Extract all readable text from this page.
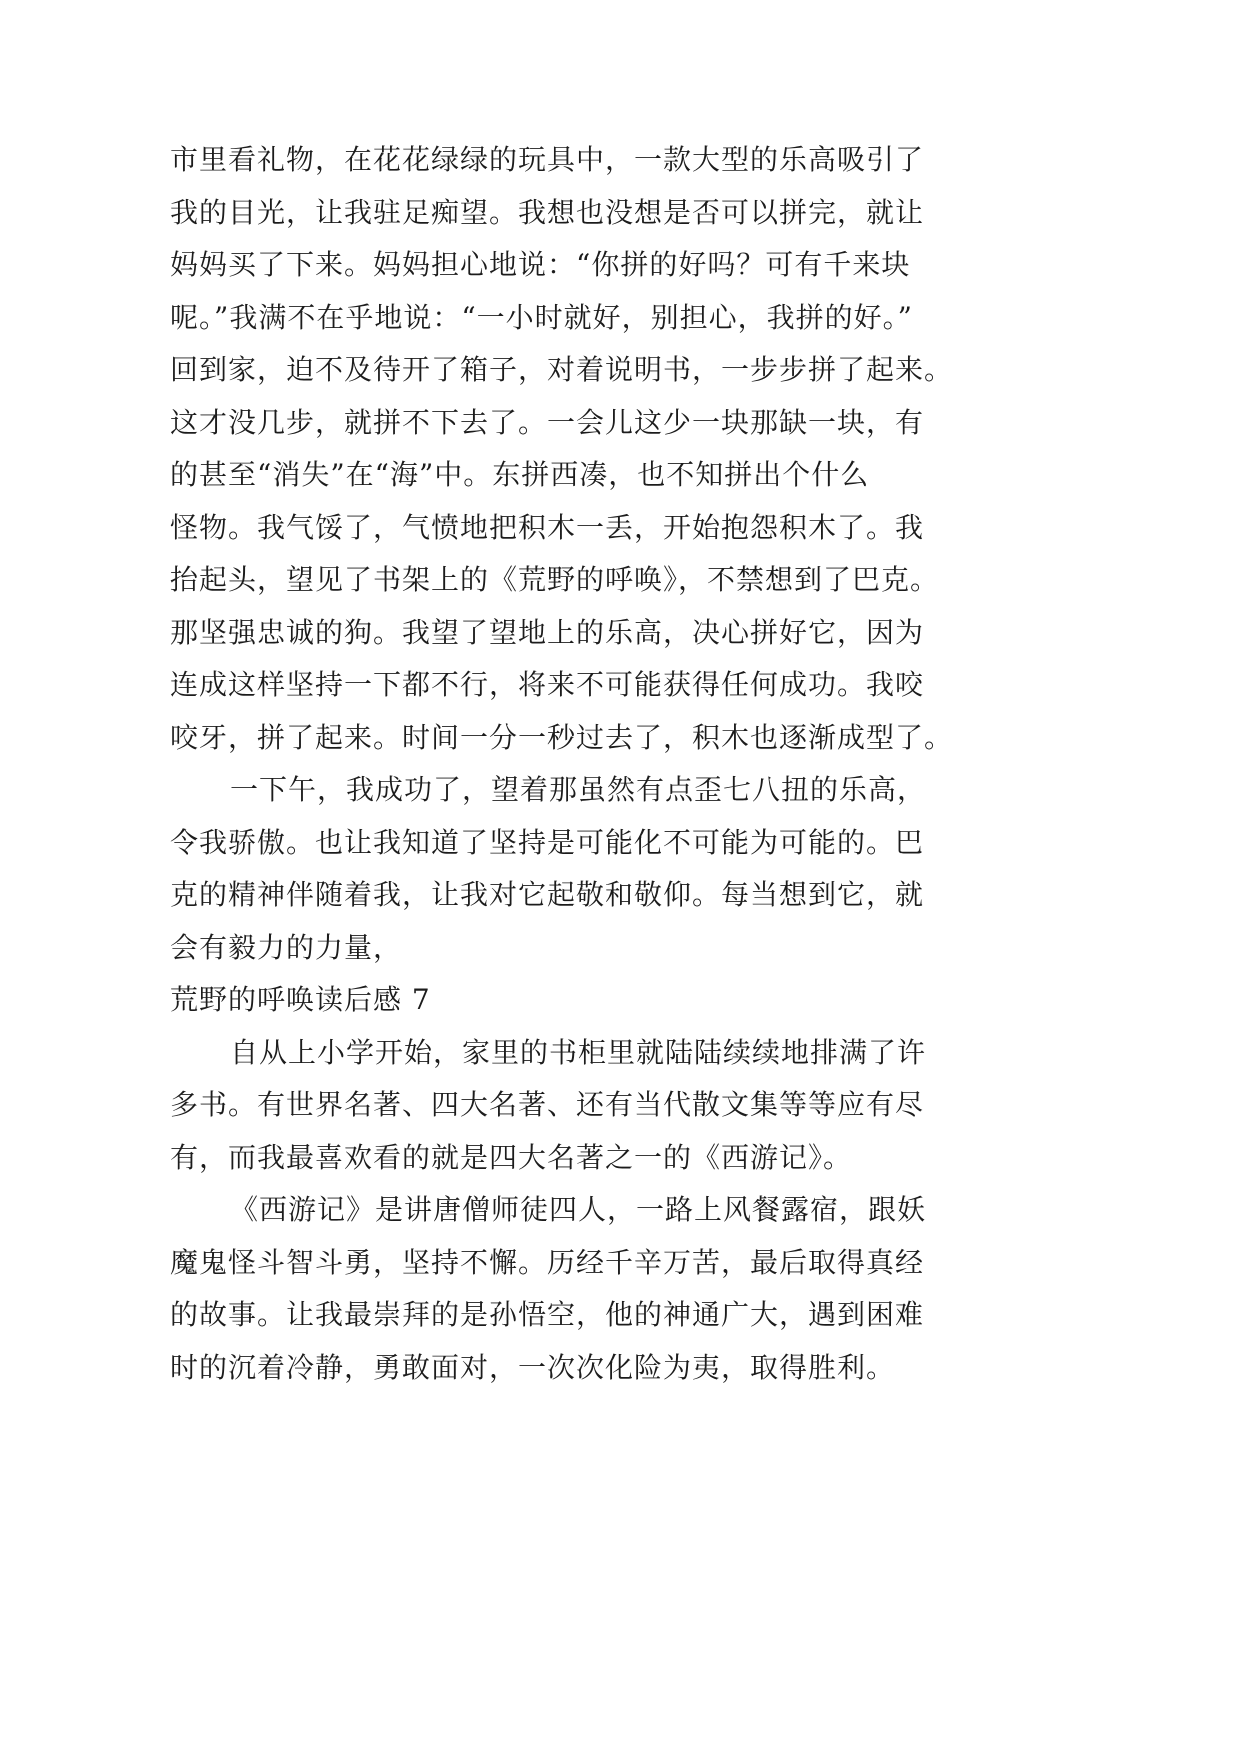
市里看礼物，在花花绿绿的玩具中，一款大型的乐高吸引了
我的目光，让我驻足痴望。我想也没想是否可以拼完，就让
妈妈买了下来。妈妈担心地说：“你拼的好吗？可有千来块
呢。”我满不在乎地说：“一小时就好，别担心，我拼的好。”
回到家，迫不及待开了箱子，对着说明书，一步步拼了起来。
这才没几步，就拼不下去了。一会儿这少一块那缺一块，有
的甚至“消失”在“海”中。东拼西凑，也不知拼出个什么
怪物。我气馁了，气愤地把积木一丢，开始抱怨积木了。我
抬起头，望见了书架上的《荒野的呼唤》，不禁想到了巴克。
那坚强忠诚的狗。我望了望地上的乐高，决心拼好它，因为
连成这样坚持一下都不行，将来不可能获得任何成功。我咬
咬牙，拼了起来。时间一分一秒过去了，积木也逐渐成型了。
一下午，我成功了，望着那虽然有点歪七八扭的乐高，
令我骄傲。也让我知道了坚持是可能化不可能为可能的。巴
克的精神伴随着我，让我对它起敬和敬仰。每当想到它，就
会有毅力的力量，
荒野的呼唤读后感 7
自从上小学开始，家里的书柜里就陆陆续续地排满了许
多书。有世界名著、四大名著、还有当代散文集等等应有尽
有，而我最喜欢看的就是四大名著之一的《西游记》。
《西游记》是讲唐僧师徒四人，一路上风餐露宿，跟妖
魔鬼怪斗智斗勇，坚持不懈。历经千辛万苦，最后取得真经
的故事。让我最崇拜的是孙悟空，他的神通广大，遇到困难
时的沉着冷静，勇敢面对，一次次化险为夷，取得胜利。
